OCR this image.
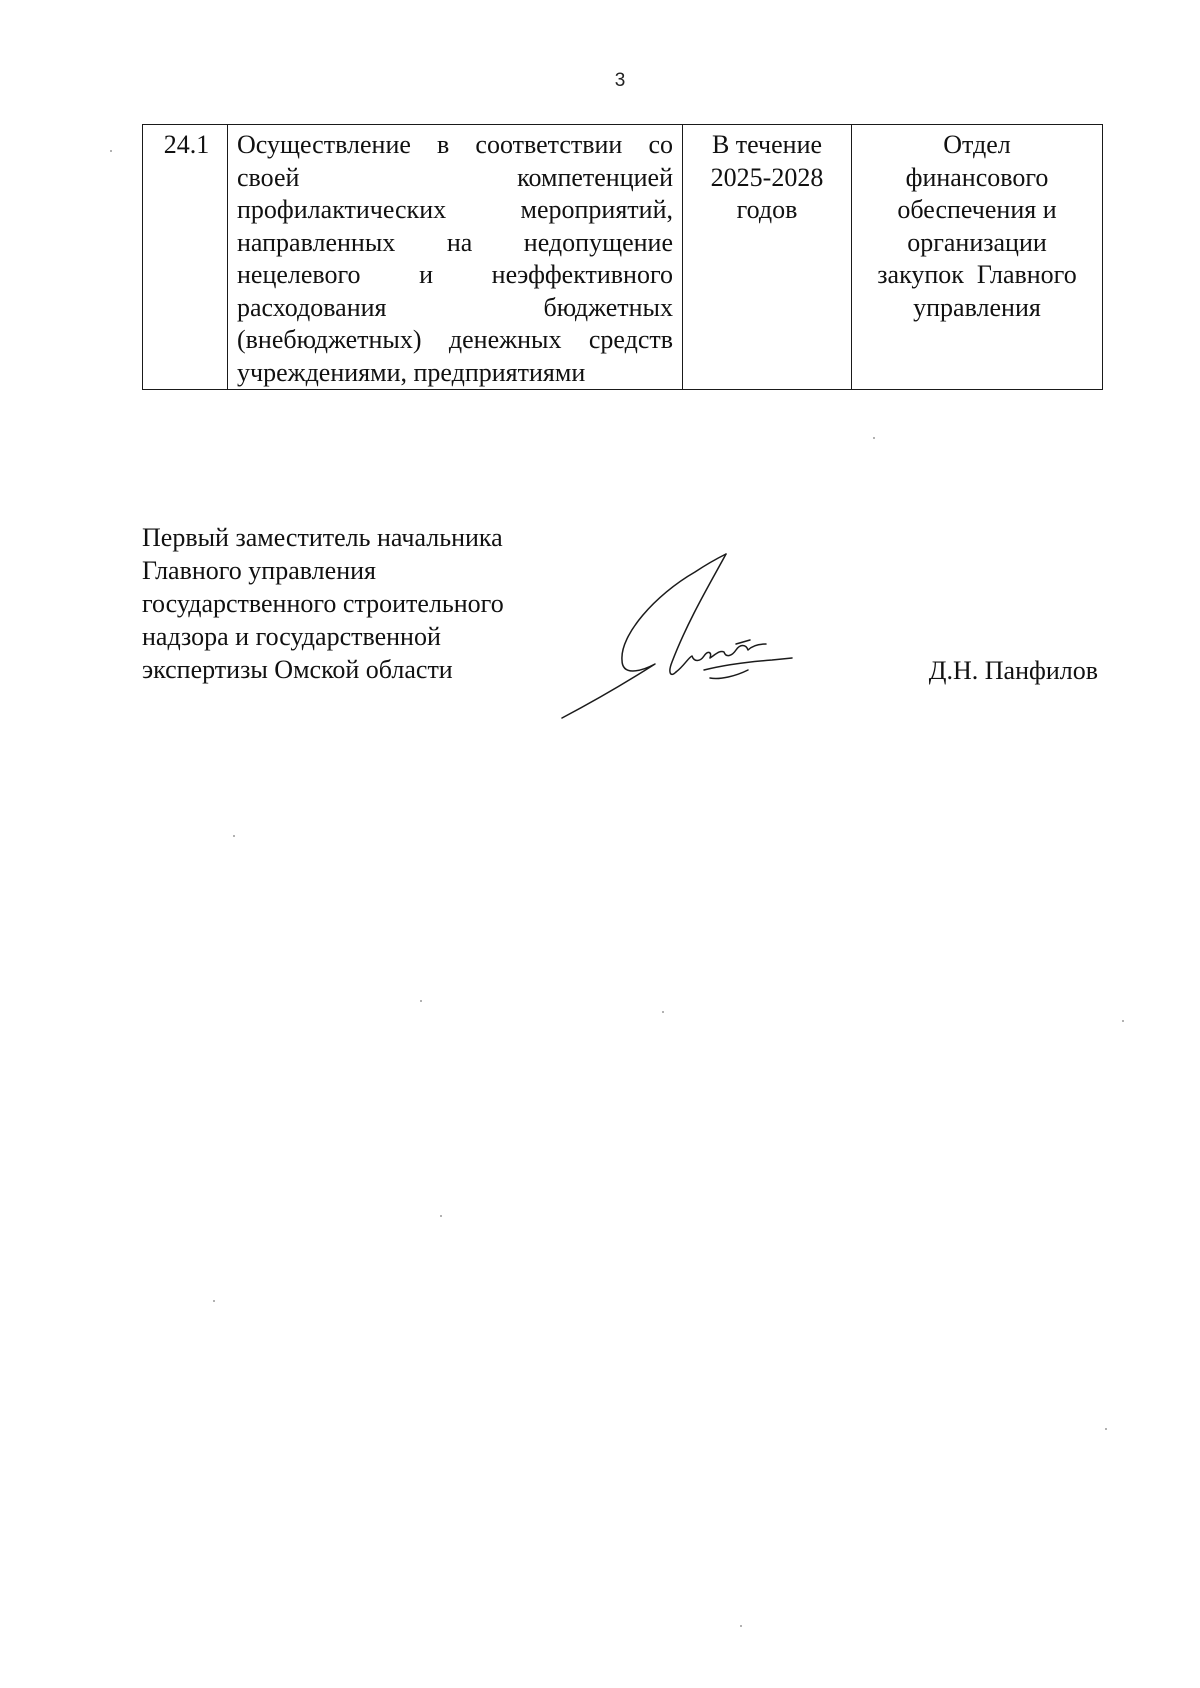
3
24.1	Осуществление в соответствии со своей компетенцией профилактических мероприятий, направленных на недопущение нецелевого и неэффективного расходования бюджетных (внебюджетных) денежных средств учреждениями, предприятиями	В течение
2025-2028
годов	Отдел
финансового
обеспечения и
организации
закупок  Главного
управления
Первый заместитель начальника
Главного управления
государственного строительного
надзора и государственной
экспертизы Омской области	Д.Н. Панфилов
